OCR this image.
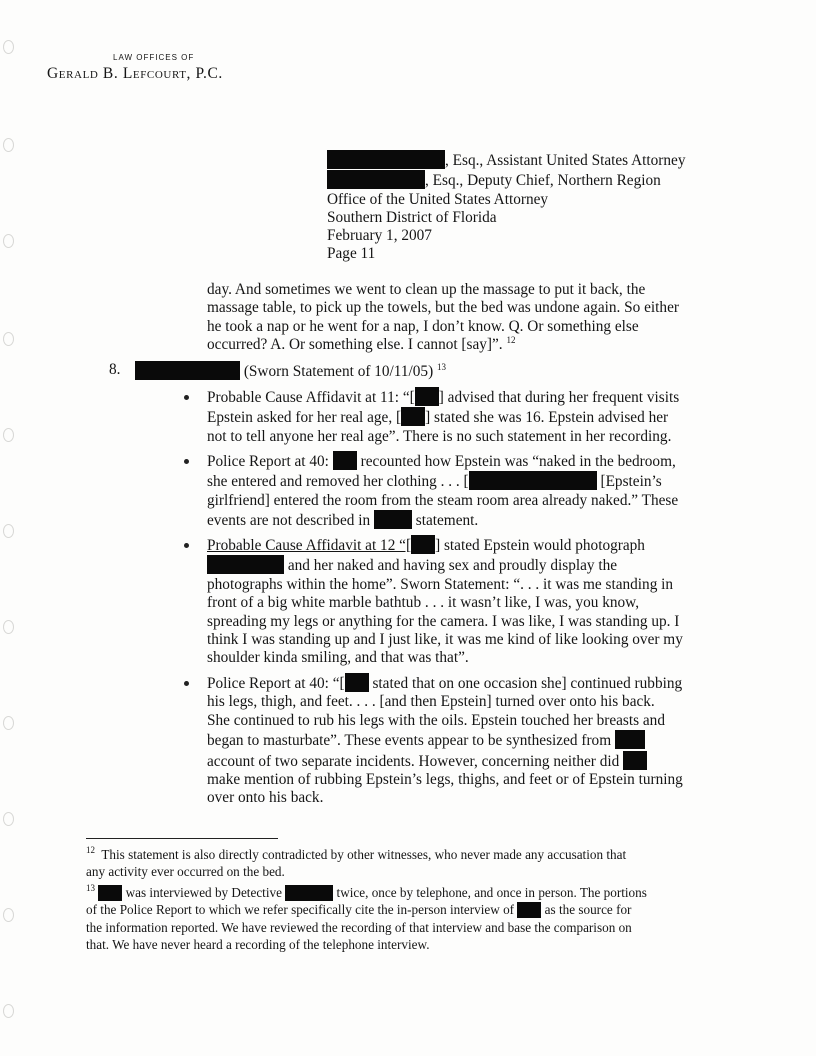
LAW OFFICES OF
Gerald B. Lefcourt, P.C.
, Esq., Assistant United States Attorney
, Esq., Deputy Chief, Northern Region
Office of the United States Attorney
Southern District of Florida
February 1, 2007
Page 11
day. And sometimes we went to clean up the massage to put it back, the
massage table, to pick up the towels, but the bed was undone again. So either
he took a nap or he went for a nap, I don’t know. Q. Or something else
occurred? A. Or something else. I cannot [say]”. $^{12}$
8.	(Sworn Statement of 10/11/05) $^{13}$
Probable Cause Affidavit at 11: “[ ] advised that during her frequent visits
Epstein asked for her real age, [ ] stated she was 16. Epstein advised her
not to tell anyone her real age”. There is no such statement in her recording.
Police Report at 40: recounted how Epstein was “naked in the bedroom,
she entered and removed her clothing . . . [	[Epstein’s
girlfriend] entered the room from the steam room area already naked.” These
events are not described in	statement.
Probable Cause Affidavit at 12 “[ ] stated Epstein would photograph
and her naked and having sex and proudly display the
photographs within the home”. Sworn Statement: “. . . it was me standing in
front of a big white marble bathtub . . . it wasn’t like, I was, you know,
spreading my legs or anything for the camera. I was like, I was standing up. I
think I was standing up and I just like, it was me kind of like looking over my
shoulder kinda smiling, and that was that”.
Police Report at 40: “[ stated that on one occasion she] continued rubbing
his legs, thigh, and feet. . . . [and then Epstein] turned over onto his back.
She continued to rub his legs with the oils. Epstein touched her breasts and
began to masturbate”. These events appear to be synthesized from
account of two separate incidents. However, concerning neither did
make mention of rubbing Epstein’s legs, thighs, and feet or of Epstein turning
over onto his back.
$^{12}$ This statement is also directly contradicted by other witnesses, who never made any accusation that
any activity ever occurred on the bed.
$^{13}$ was interviewed by Detective	twice, once by telephone, and once in person. The portions
of the Police Report to which we refer specifically cite the in-person interview of as the source for
the information reported. We have reviewed the recording of that interview and base the comparison on
that. We have never heard a recording of the telephone interview.
